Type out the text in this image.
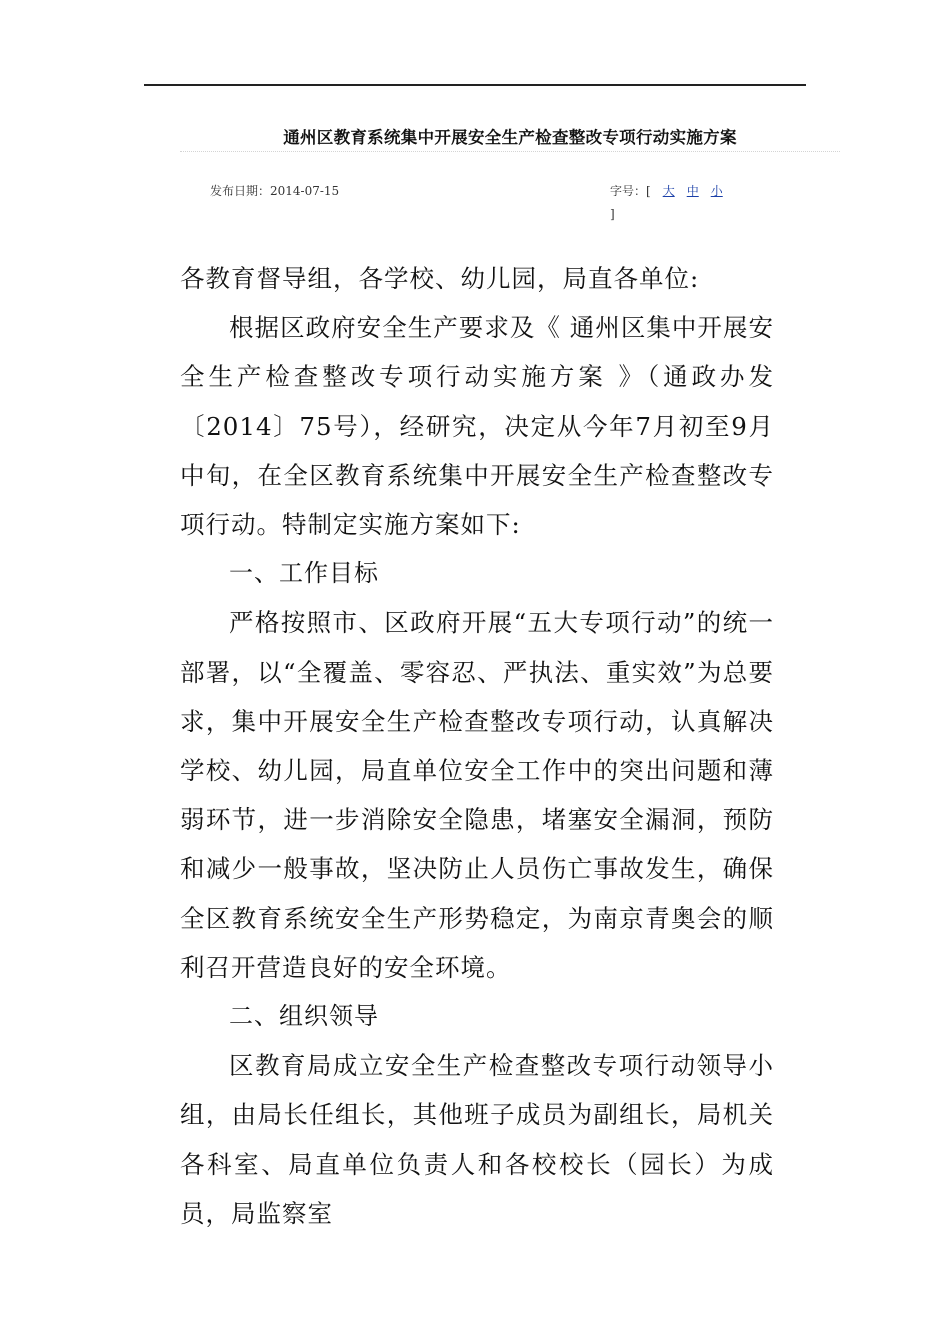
通州区教育系统集中开展安全生产检查整改专项行动实施方案
发布日期：2014-07-15	字号：[ 大 中 小
]

各教育督导组，各学校、幼儿园，局直各单位:

根据区政府安全生产要求及《 通州区集中开展安全生产检查整改专项行动实施方案 》（通政办发〔2014〕75号），经研究，决定从今年7月初至9月中旬，在全区教育系统集中开展安全生产检查整改专项行动。特制定实施方案如下:

一、工作目标

严格按照市、区政府开展“五大专项行动”的统一部署，以“全覆盖、零容忍、严执法、重实效”为总要求，集中开展安全生产检查整改专项行动，认真解决学校、幼儿园，局直单位安全工作中的突出问题和薄弱环节，进一步消除安全隐患，堵塞安全漏洞，预防和减少一般事故，坚决防止人员伤亡事故发生，确保全区教育系统安全生产形势稳定，为南京青奥会的顺利召开营造良好的安全环境。

二、组织领导

区教育局成立安全生产检查整改专项行动领导小组，由局长任组长，其他班子成员为副组长，局机关各科室、局直单位负责人和各校校长（园长）为成员，局监察室
